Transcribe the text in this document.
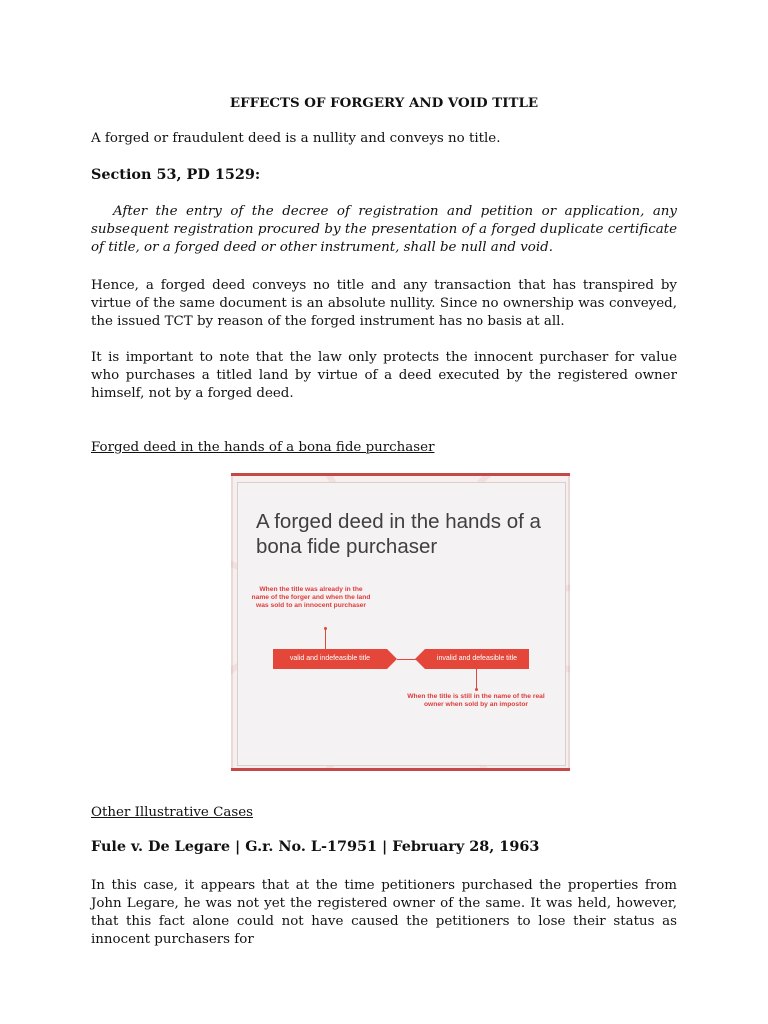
EFFECTS OF FORGERY AND VOID TITLE
A forged or fraudulent deed is a nullity and conveys no title.
Section 53, PD 1529:
After the entry of the decree of registration and petition or application, any subsequent registration procured by the presentation of a forged duplicate certificate of title, or a forged deed or other instrument, shall be null and void.
Hence, a forged deed conveys no title and any transaction that has transpired by virtue of the same document is an absolute nullity. Since no ownership was conveyed, the issued TCT by reason of the forged instrument has no basis at all.
It is important to note that the law only protects the innocent purchaser for value who purchases a titled land by virtue of a deed executed by the registered owner himself, not by a forged deed.
Forged deed in the hands of a bona fide purchaser
A forged deed in the hands of a bona fide purchaser
When the title was already in the name of the forger and when the land was sold to an innocent purchaser
valid and indefeasible title	invalid and defeasible title
When the title is still in the name of the real owner when sold by an impostor
Other Illustrative Cases
Fule v. De Legare | G.r. No. L-17951 | February 28, 1963
In this case, it appears that at the time petitioners purchased the properties from John Legare, he was not yet the registered owner of the same. It was held, however, that this fact alone could not have caused the petitioners to lose their status as innocent purchasers for
